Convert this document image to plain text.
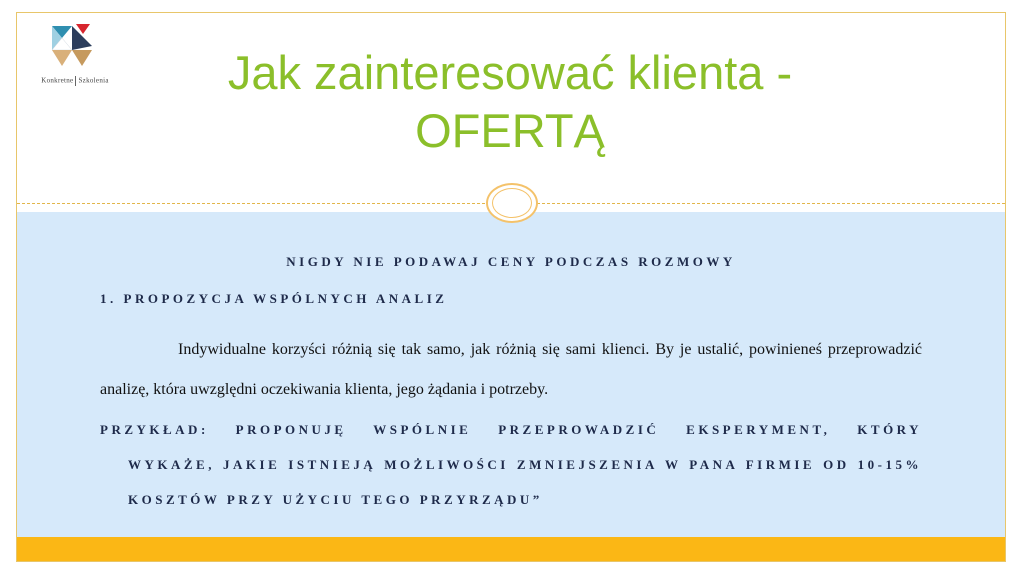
Konkretne Szkolenia	Jak zainteresować klienta - OFERTĄ
NIGDY NIE PODAWAJ CENY PODCZAS ROZMOWY
1. PROPOZYCJA WSPÓLNYCH ANALIZ
Indywidualne korzyści różnią się tak samo, jak różnią się sami klienci. By je ustalić, powinieneś przeprowadzić analizę, która uwzględni oczekiwania klienta, jego żądania i potrzeby.
PRZYKŁAD: PROPONUJĘ WSPÓLNIE PRZEPROWADZIĆ EKSPERYMENT, KTÓRY
WYKAŻE, JAKIE ISTNIEJĄ MOŻLIWOŚCI ZMNIEJSZENIA W PANA FIRMIE OD 10-15% KOSZTÓW PRZY UŻYCIU TEGO PRZYRZĄDU”
